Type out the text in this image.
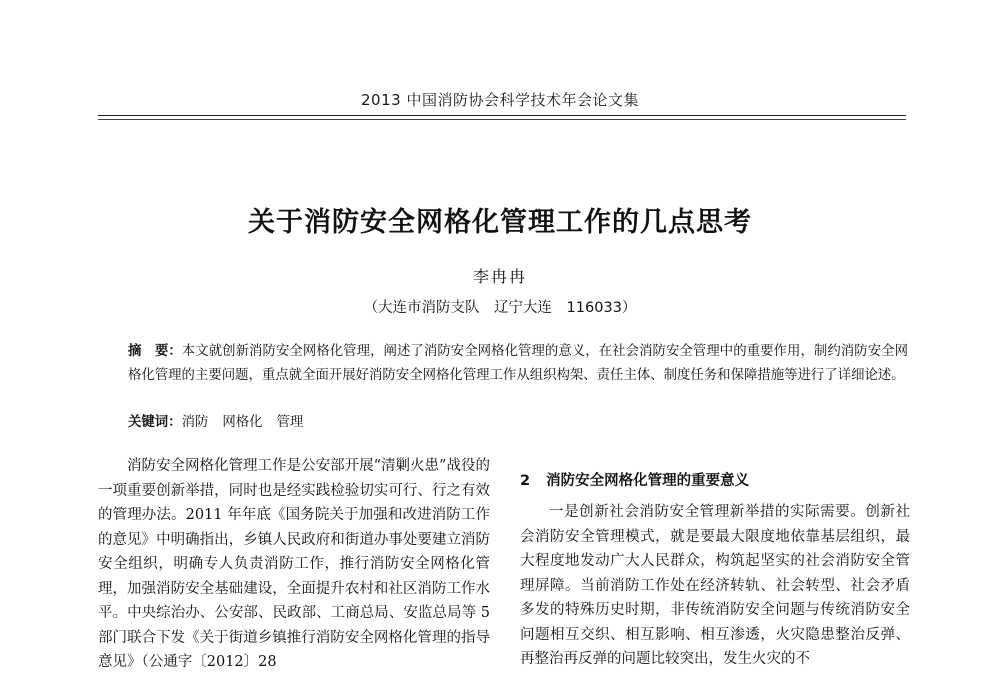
2013 中国消防协会科学技术年会论文集
关于消防安全网格化管理工作的几点思考
李冉冉
（大连市消防支队　辽宁大连　116033）
摘　要：本文就创新消防安全网格化管理，阐述了消防安全网格化管理的意义，在社会消防安全管理中的重要作用，制约消防安全网格化管理的主要问题，重点就全面开展好消防安全网格化管理工作从组织构架、责任主体、制度任务和保障措施等进行了详细论述。
关键词：消防 网格化 管理

消防安全网格化管理工作是公安部开展“清剿火患”战役的一项重要创新举措，同时也是经实践检验切实可行、行之有效的管理办法。2011 年年底《国务院关于加强和改进消防工作的意见》中明确指出，乡镇人民政府和街道办事处要建立消防安全组织，明确专人负责消防工作，推行消防安全网格化管理，加强消防安全基础建设，全面提升农村和社区消防工作水平。中央综治办、公安部、民政部、工商总局、安监总局等 5 部门联合下发《关于街道乡镇推行消防安全网格化管理的指导意见》（公通字〔2012〕28

2 消防安全网格化管理的重要意义

一是创新社会消防安全管理新举措的实际需要。创新社会消防安全管理模式，就是要最大限度地依靠基层组织，最大程度地发动广大人民群众，构筑起坚实的社会消防安全管理屏障。当前消防工作处在经济转轨、社会转型、社会矛盾多发的特殊历史时期，非传统消防安全问题与传统消防安全问题相互交织、相互影响、相互渗透，火灾隐患整治反弹、再整治再反弹的问题比较突出，发生火灾的不
